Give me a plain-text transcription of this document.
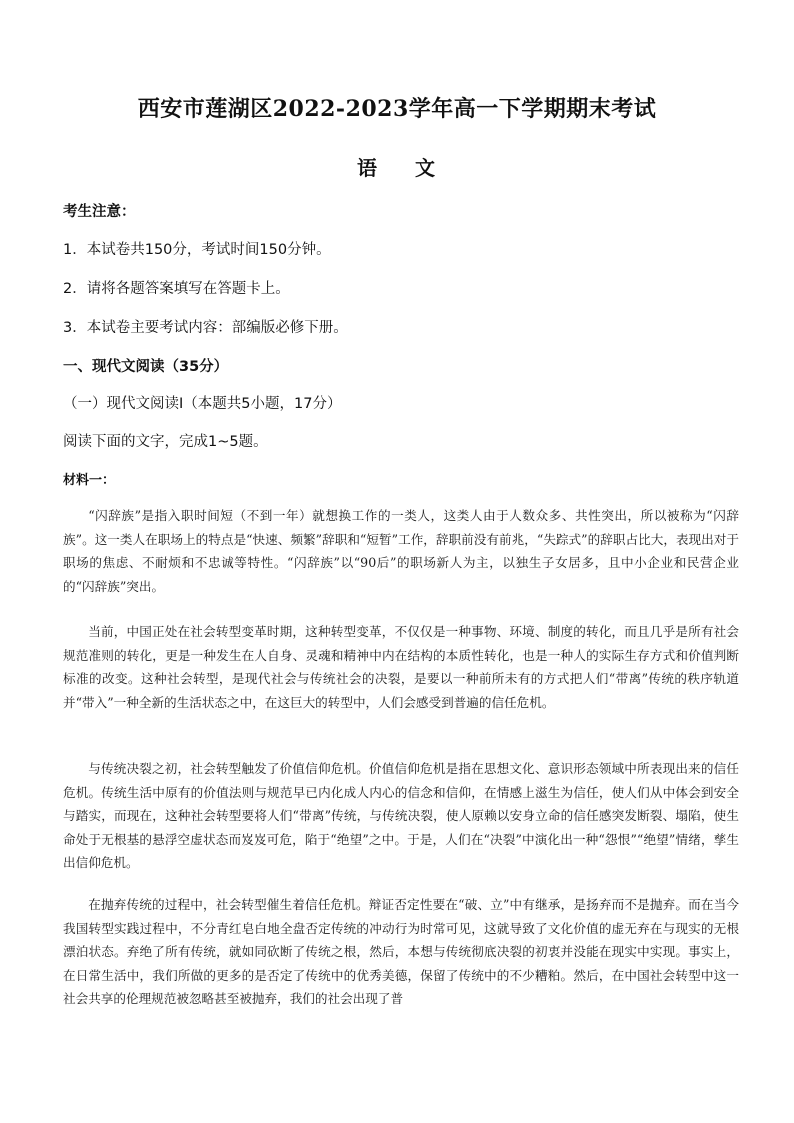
西安市莲湖区2022-2023学年高一下学期期末考试
语 文
考生注意：
1．本试卷共150分，考试时间150分钟。
2．请将各题答案填写在答题卡上。
3．本试卷主要考试内容：部编版必修下册。
一、现代文阅读（35分）
（一）现代文阅读Ⅰ（本题共5小题，17分）
阅读下面的文字，完成1~5题。
材料一：
“闪辞族”是指入职时间短（不到一年）就想换工作的一类人，这类人由于人数众多、共性突出，所以被称为“闪辞族”。这一类人在职场上的特点是“快速、频繁”辞职和“短暂”工作，辞职前没有前兆，“失踪式”的辞职占比大，表现出对于职场的焦虑、不耐烦和不忠诚等特性。“闪辞族”以“90后”的职场新人为主，以独生子女居多，且中小企业和民营企业的“闪辞族”突出。
当前，中国正处在社会转型变革时期，这种转型变革，不仅仅是一种事物、环境、制度的转化，而且几乎是所有社会规范准则的转化，更是一种发生在人自身、灵魂和精神中内在结构的本质性转化，也是一种人的实际生存方式和价值判断标准的改变。这种社会转型，是现代社会与传统社会的决裂，是要以一种前所未有的方式把人们“带离”传统的秩序轨道并“带入”一种全新的生活状态之中，在这巨大的转型中，人们会感受到普遍的信任危机。
与传统决裂之初，社会转型触发了价值信仰危机。价值信仰危机是指在思想文化、意识形态领域中所表现出来的信任危机。传统生活中原有的价值法则与规范早已内化成人内心的信念和信仰，在情感上滋生为信任，使人们从中体会到安全与踏实，而现在，这种社会转型要将人们“带离”传统，与传统决裂，使人原赖以安身立命的信任感突发断裂、塌陷，使生命处于无根基的悬浮空虚状态而岌岌可危，陷于“绝望”之中。于是，人们在“决裂”中演化出一种“怨恨”“绝望”情绪，孳生出信仰危机。
在抛弃传统的过程中，社会转型催生着信任危机。辩证否定性要在“破、立”中有继承，是扬弃而不是抛弃。而在当今我国转型实践过程中，不分青红皂白地全盘否定传统的冲动行为时常可见，这就导致了文化价值的虚无弃在与现实的无根漂泊状态。弃绝了所有传统，就如同砍断了传统之根，然后，本想与传统彻底决裂的初衷并没能在现实中实现。事实上，在日常生活中，我们所做的更多的是否定了传统中的优秀美德，保留了传统中的不少糟粕。然后，在中国社会转型中这一社会共享的伦理规范被忽略甚至被抛弃，我们的社会出现了普
